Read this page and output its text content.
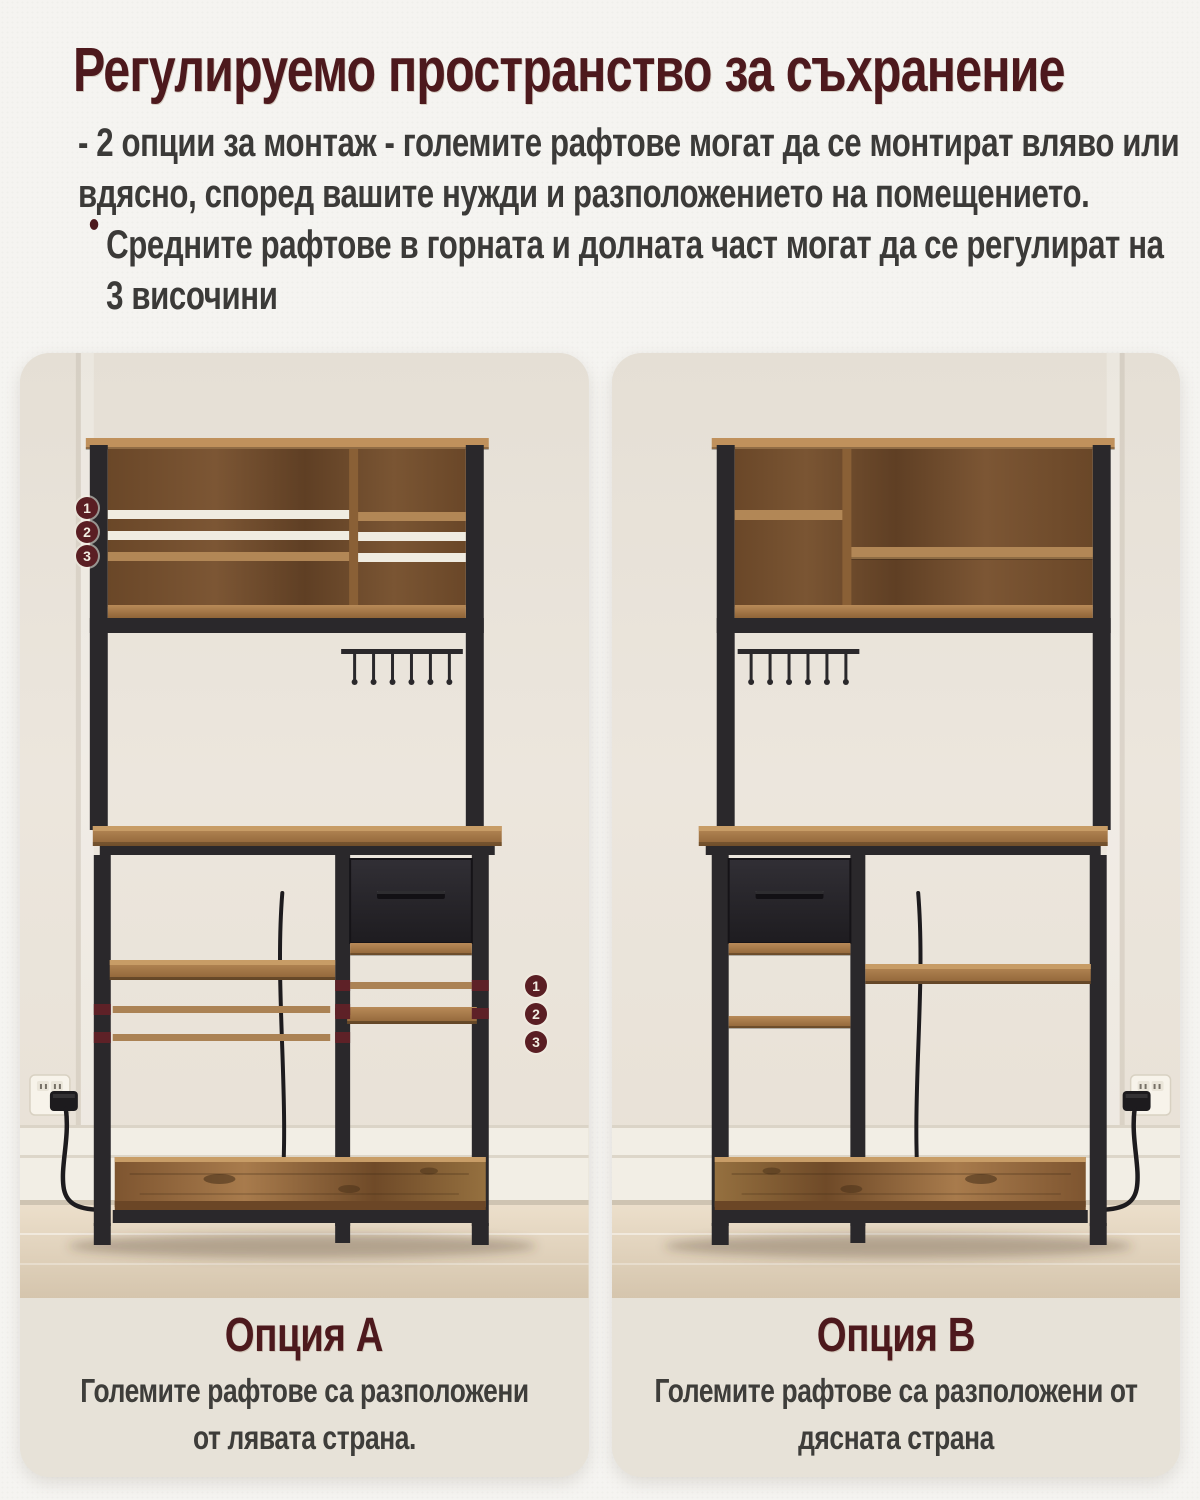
Регулируемо пространство за съхранение

- 2 опции за монтаж - големите рафтове могат да се монтират вляво или вдясно, според вашите нужди и разположението на помещението.

• Средните рафтове в горната и долната част могат да се регулират на 3 височини

1
2
3
1
2
3
Опция A
Големите рафтове са разположени от лявата страна.
Опция B
Големите рафтове са разположени от дясната страна
